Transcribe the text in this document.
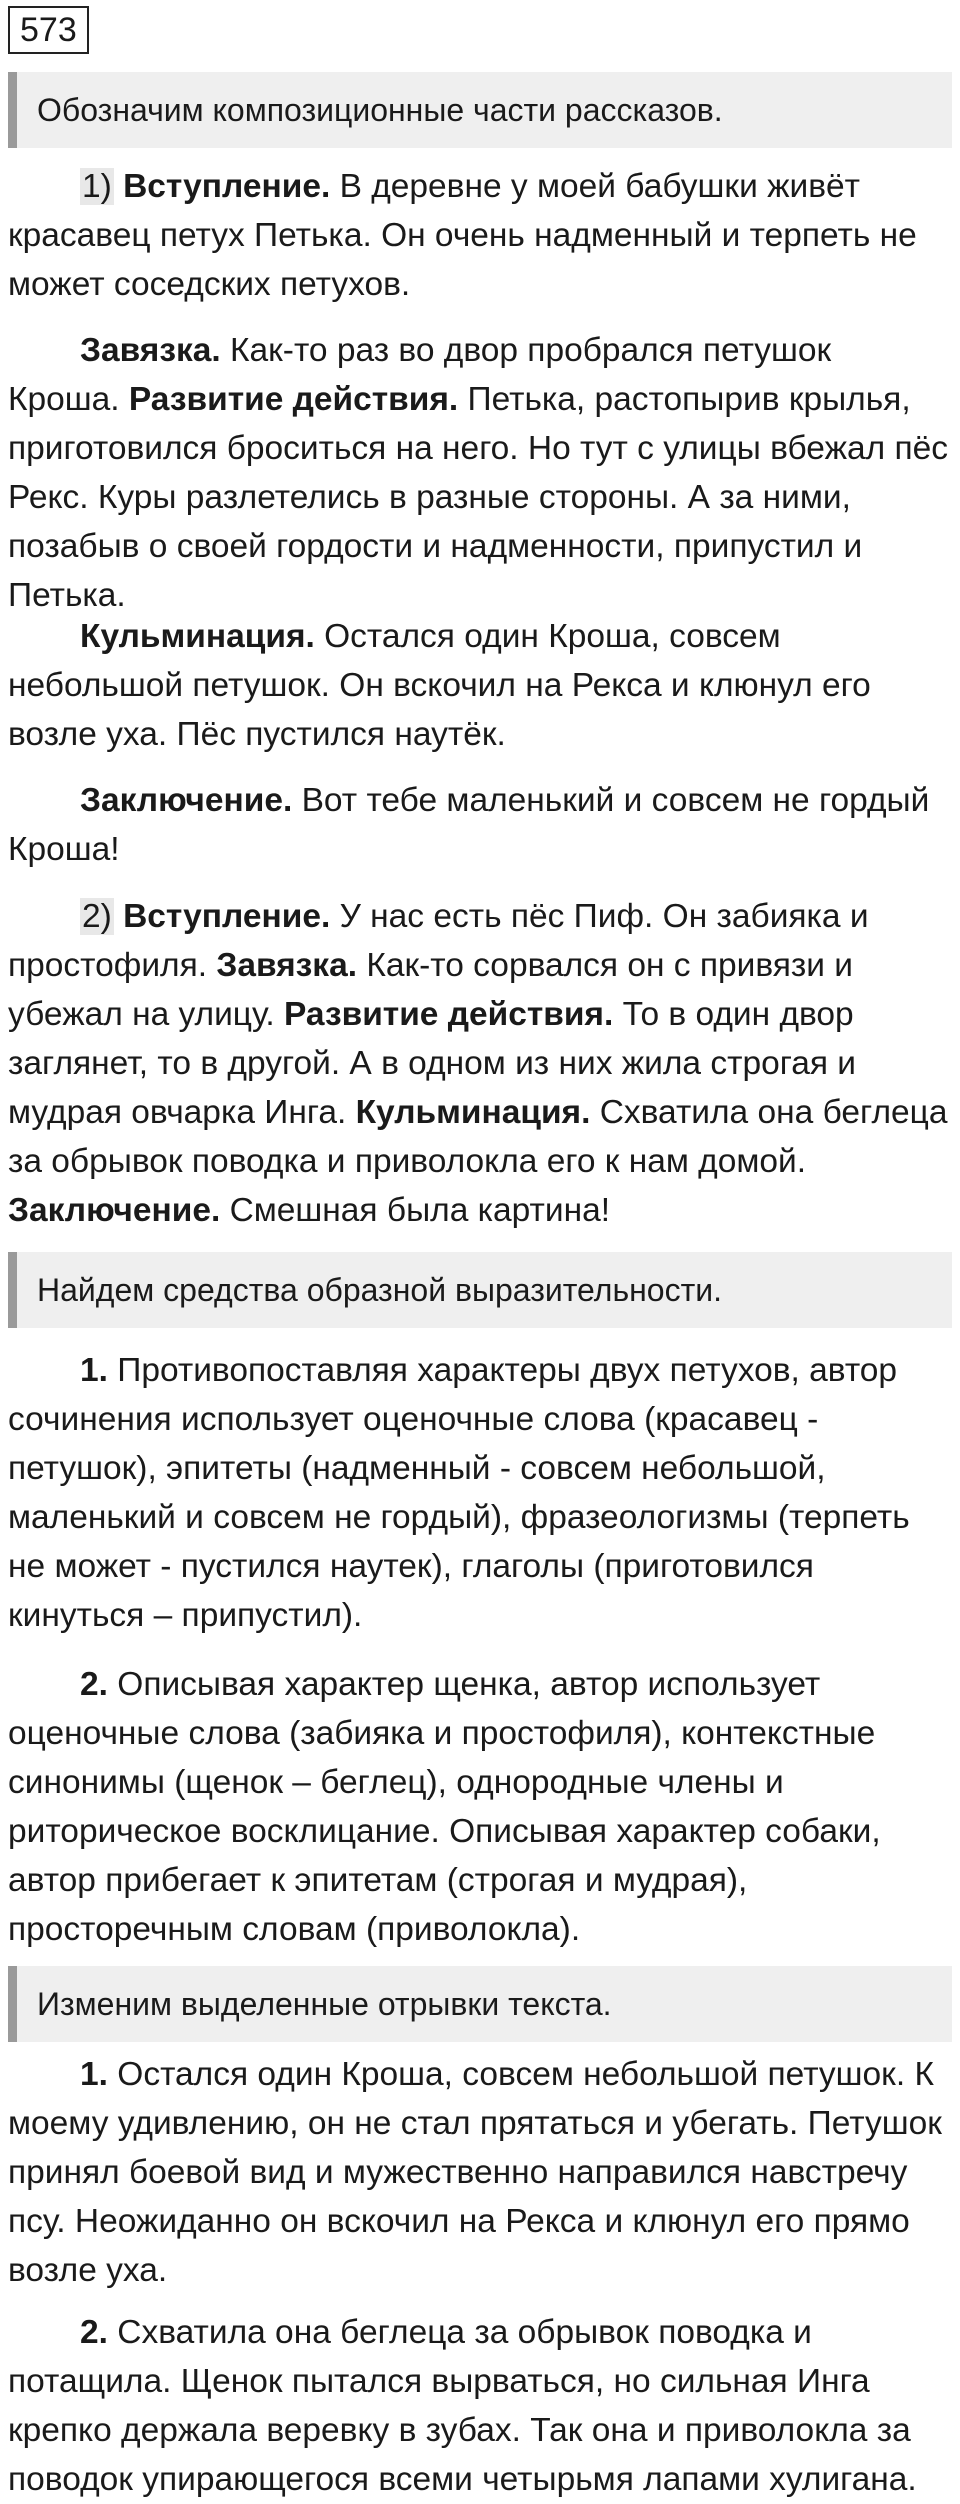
573
Обозначим композиционные части рассказов.

1) Вступление. В деревне у моей бабушки живёт красавец петух Петька. Он очень надменный и терпеть не может соседских петухов.

Завязка. Как-то раз во двор пробрался петушок Кроша. Развитие действия. Петька, растопырив крылья, приготовился броситься на него. Но тут с улицы вбежал пёс Рекс. Куры разлетелись в разные стороны. А за ними, позабыв о своей гордости и надменности, припустил и Петька.

Кульминация. Остался один Кроша, совсем небольшой петушок. Он вскочил на Рекса и клюнул его возле уха. Пёс пустился наутёк.

Заключение. Вот тебе маленький и совсем не гордый Кроша!

2) Вступление. У нас есть пёс Пиф. Он забияка и простофиля. Завязка. Как-то сорвался он с привязи и убежал на улицу. Развитие действия. То в один двор заглянет, то в другой. А в одном из них жила строгая и мудрая овчарка Инга. Кульминация. Схватила она беглеца за обрывок поводка и приволокла его к нам домой. Заключение. Смешная была картина!

Найдем средства образной выразительности.

1. Противопоставляя характеры двух петухов, автор сочинения использует оценочные слова (красавец - петушок), эпитеты (надменный - совсем небольшой, маленький и совсем не гордый), фразеологизмы (терпеть не может - пустился наутек), глаголы (приготовился кинуться – припустил).

2. Описывая характер щенка, автор использует оценочные слова (забияка и простофиля), контекстные синонимы (щенок – беглец), однородные члены и риторическое восклицание. Описывая характер собаки, автор прибегает к эпитетам (строгая и мудрая), просторечным словам (приволокла).

Изменим выделенные отрывки текста.

1. Остался один Кроша, совсем небольшой петушок. К моему удивлению, он не стал прятаться и убегать. Петушок принял боевой вид и мужественно направился навстречу псу. Неожиданно он вскочил на Рекса и клюнул его прямо возле уха.

2. Схватила она беглеца за обрывок поводка и потащила. Щенок пытался вырваться, но сильная Инга крепко держала веревку в зубах. Так она и приволокла за поводок упирающегося всеми четырьмя лапами хулигана.
